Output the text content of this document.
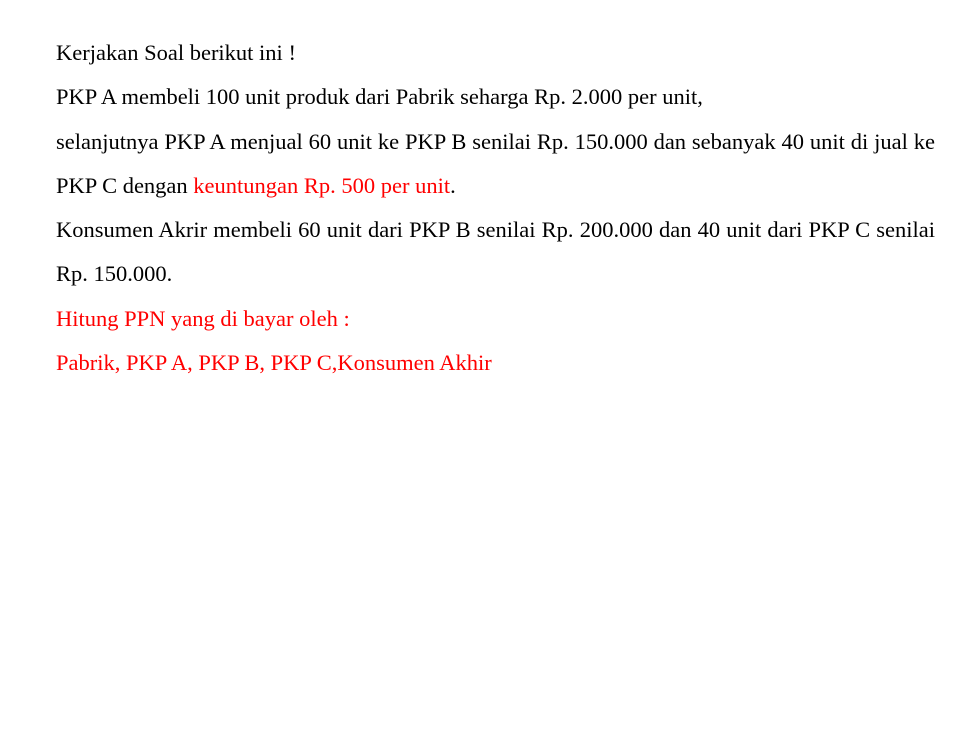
Kerjakan Soal berikut ini !

PKP A membeli 100 unit produk dari Pabrik seharga Rp. 2.000 per unit,

selanjutnya PKP A menjual 60 unit ke PKP B senilai Rp. 150.000 dan sebanyak 40 unit di jual ke PKP C dengan keuntungan Rp. 500 per unit.

Konsumen Akrir membeli 60 unit dari PKP B senilai Rp. 200.000 dan 40 unit dari PKP C senilai Rp. 150.000.

Hitung PPN yang di bayar oleh :

Pabrik, PKP A, PKP B, PKP C,Konsumen Akhir
